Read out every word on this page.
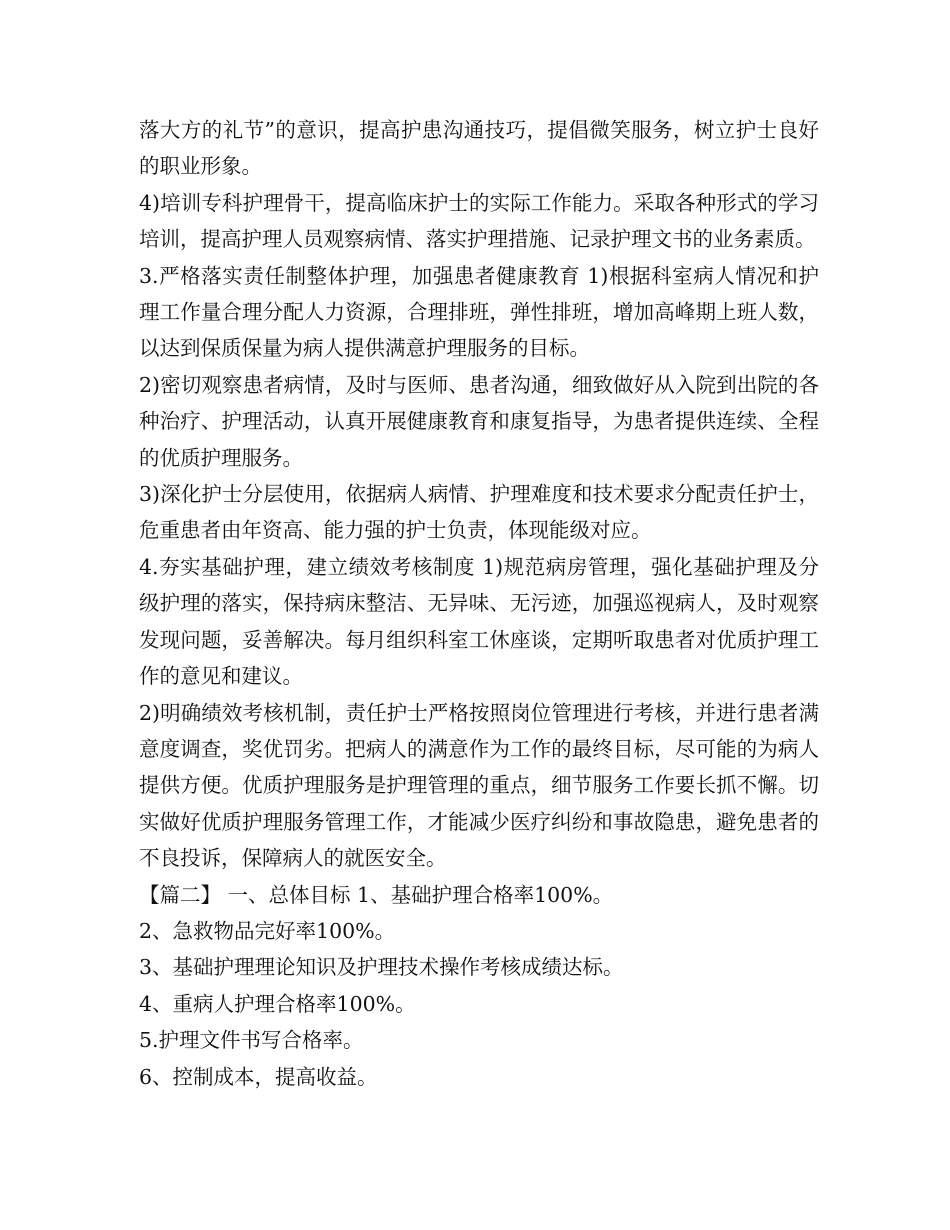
落大方的礼节”的意识，提高护患沟通技巧，提倡微笑服务，树立护士良好的职业形象。

4)培训专科护理骨干，提高临床护士的实际工作能力。采取各种形式的学习培训，提高护理人员观察病情、落实护理措施、记录护理文书的业务素质。

3.严格落实责任制整体护理，加强患者健康教育 1)根据科室病人情况和护理工作量合理分配人力资源，合理排班，弹性排班，增加高峰期上班人数，以达到保质保量为病人提供满意护理服务的目标。

2)密切观察患者病情，及时与医师、患者沟通，细致做好从入院到出院的各种治疗、护理活动，认真开展健康教育和康复指导，为患者提供连续、全程的优质护理服务。

3)深化护士分层使用，依据病人病情、护理难度和技术要求分配责任护士，危重患者由年资高、能力强的护士负责，体现能级对应。

4.夯实基础护理，建立绩效考核制度 1)规范病房管理，强化基础护理及分级护理的落实，保持病床整洁、无异味、无污迹，加强巡视病人，及时观察发现问题，妥善解决。每月组织科室工休座谈，定期听取患者对优质护理工作的意见和建议。

2)明确绩效考核机制，责任护士严格按照岗位管理进行考核，并进行患者满意度调查，奖优罚劣。把病人的满意作为工作的最终目标，尽可能的为病人提供方便。优质护理服务是护理管理的重点，细节服务工作要长抓不懈。切实做好优质护理服务管理工作，才能减少医疗纠纷和事故隐患，避免患者的不良投诉，保障病人的就医安全。

【篇二】 一、总体目标 1、基础护理合格率100%。

2、急救物品完好率100%。

3、基础护理理论知识及护理技术操作考核成绩达标。

4、重病人护理合格率100%。

5.护理文件书写合格率。

6、控制成本，提高收益。
